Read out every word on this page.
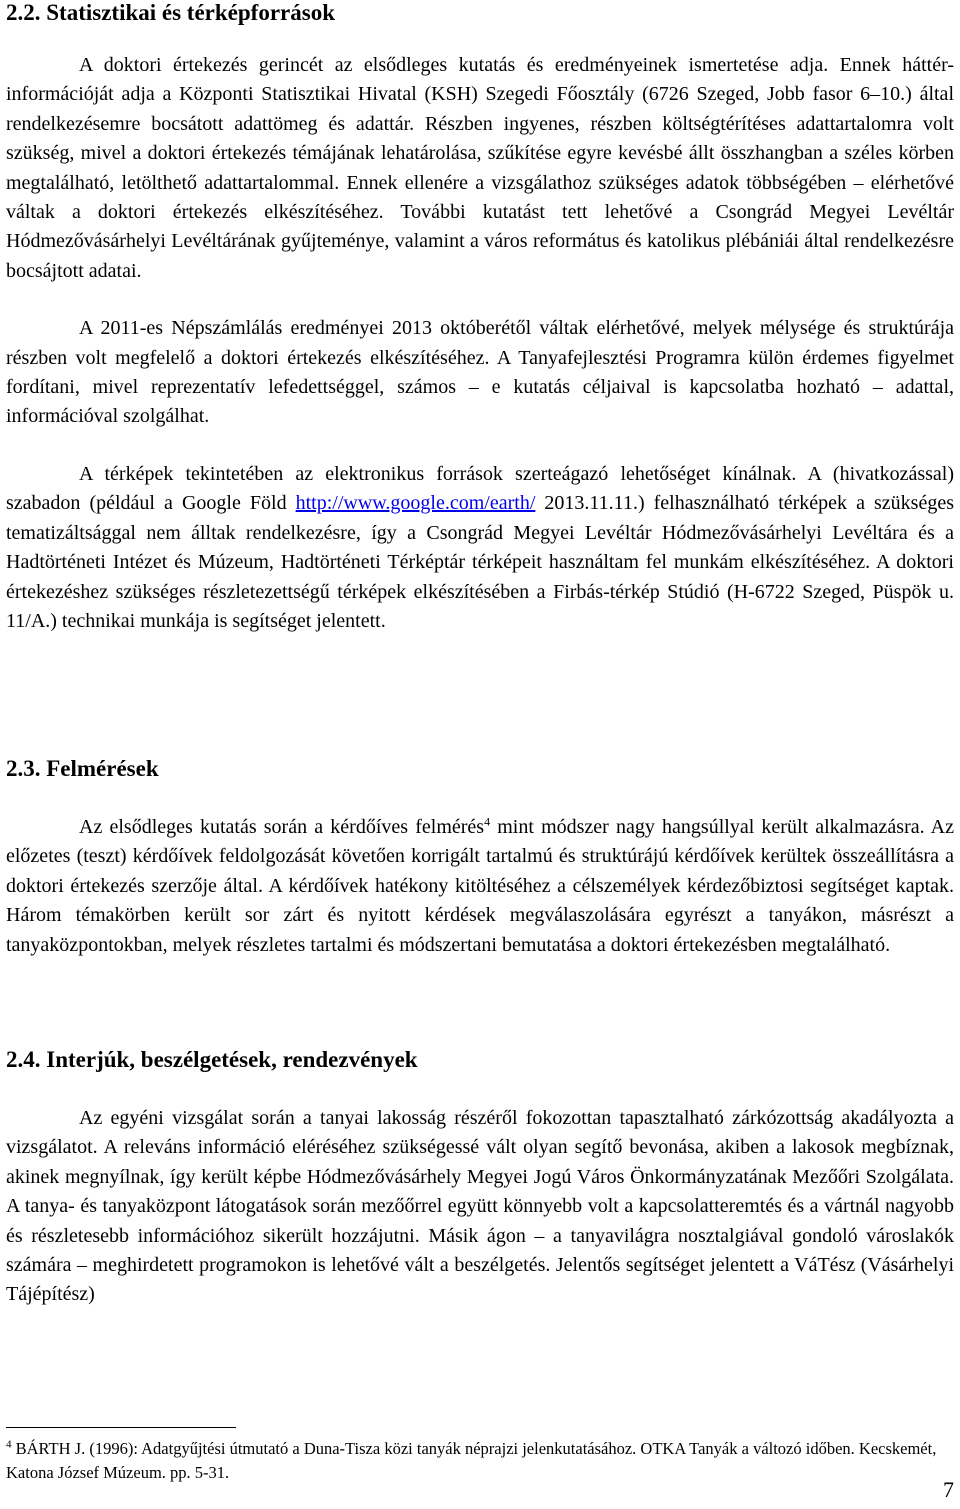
2.2. Statisztikai és térképforrások

A doktori értekezés gerincét az elsődleges kutatás és eredményeinek ismertetése adja. Ennek háttér-információját adja a Központi Statisztikai Hivatal (KSH) Szegedi Főosztály (6726 Szeged, Jobb fasor 6–10.) által rendelkezésemre bocsátott adattömeg és adattár. Részben ingyenes, részben költségtérítéses adattartalomra volt szükség, mivel a doktori értekezés témájának lehatárolása, szűkítése egyre kevésbé állt összhangban a széles körben megtalálható, letölthető adattartalommal. Ennek ellenére a vizsgálathoz szükséges adatok többségében – elérhetővé váltak a doktori értekezés elkészítéséhez. További kutatást tett lehetővé a Csongrád Megyei Levéltár Hódmezővásárhelyi Levéltárának gyűjteménye, valamint a város református és katolikus plébániái által rendelkezésre bocsájtott adatai.

A 2011-es Népszámlálás eredményei 2013 októberétől váltak elérhetővé, melyek mélysége és struktúrája részben volt megfelelő a doktori értekezés elkészítéséhez. A Tanyafejlesztési Programra külön érdemes figyelmet fordítani, mivel reprezentatív lefedettséggel, számos – e kutatás céljaival is kapcsolatba hozható – adattal, információval szolgálhat.

A térképek tekintetében az elektronikus források szerteágazó lehetőséget kínálnak. A (hivatkozással) szabadon (például a Google Föld http://www.google.com/earth/ 2013.11.11.) felhasználható térképek a szükséges tematizáltsággal nem álltak rendelkezésre, így a Csongrád Megyei Levéltár Hódmezővásárhelyi Levéltára és a Hadtörténeti Intézet és Múzeum, Hadtörténeti Térképtár térképeit használtam fel munkám elkészítéséhez. A doktori értekezéshez szükséges részletezettségű térképek elkészítésében a Firbás-térkép Stúdió (H-6722 Szeged, Püspök u. 11/A.) technikai munkája is segítséget jelentett.

2.3. Felmérések

Az elsődleges kutatás során a kérdőíves felmérés$^4$ mint módszer nagy hangsúllyal került alkalmazásra. Az előzetes (teszt) kérdőívek feldolgozását követően korrigált tartalmú és struktúrájú kérdőívek kerültek összeállításra a doktori értekezés szerzője által. A kérdőívek hatékony kitöltéséhez a célszemélyek kérdezőbiztosi segítséget kaptak. Három témakörben került sor zárt és nyitott kérdések megválaszolására egyrészt a tanyákon, másrészt a tanyaközpontokban, melyek részletes tartalmi és módszertani bemutatása a doktori értekezésben megtalálható.

2.4. Interjúk, beszélgetések, rendezvények

Az egyéni vizsgálat során a tanyai lakosság részéről fokozottan tapasztalható zárkózottság akadályozta a vizsgálatot. A releváns információ eléréséhez szükségessé vált olyan segítő bevonása, akiben a lakosok megbíznak, akinek megnyílnak, így került képbe Hódmezővásárhely Megyei Jogú Város Önkormányzatának Mezőőri Szolgálata. A tanya- és tanyaközpont látogatások során mezőőrrel együtt könnyebb volt a kapcsolatteremtés és a vártnál nagyobb és részletesebb információhoz sikerült hozzájutni. Másik ágon – a tanyavilágra nosztalgiával gondoló városlakók számára – meghirdetett programokon is lehetővé vált a beszélgetés. Jelentős segítséget jelentett a VáTész (Vásárhelyi Tájépítész)

$^4$ BÁRTH J. (1996): Adatgyűjtési útmutató a Duna-Tisza közi tanyák néprajzi jelenkutatásához. OTKA Tanyák a változó időben. Kecskemét, Katona József Múzeum. pp. 5-31.
7
